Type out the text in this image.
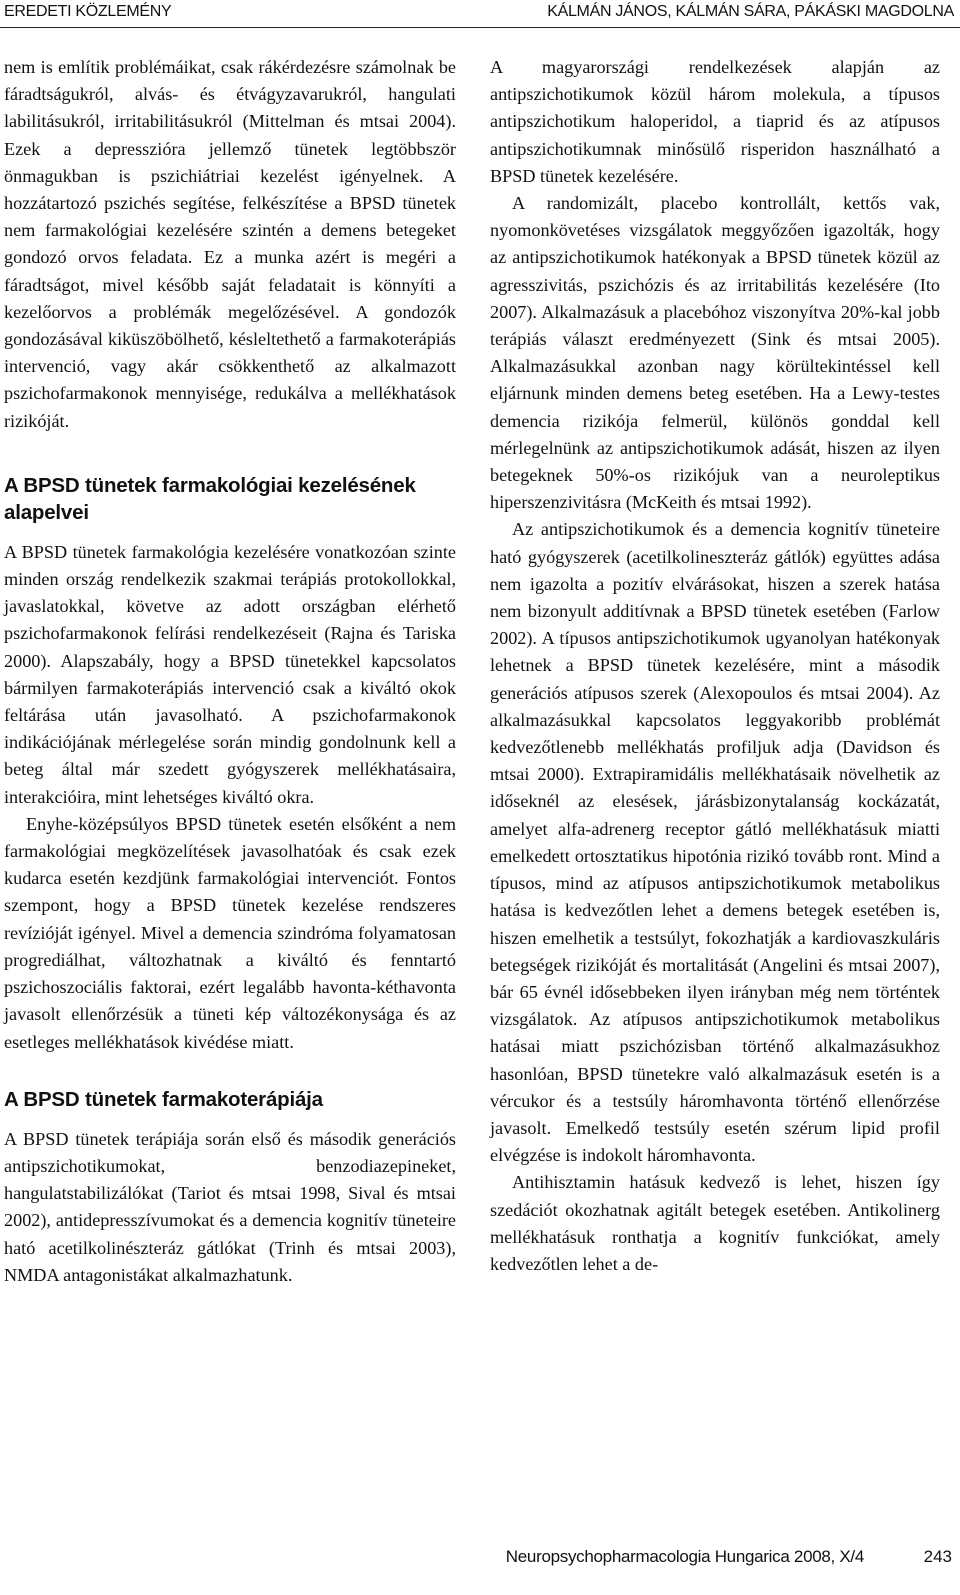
EREDETI KÖZLEMÉNY	KÁLMÁN JÁNOS, KÁLMÁN SÁRA, PÁKÁSKI MAGDOLNA

nem is említik problémáikat, csak rákérdezésre számolnak be fáradtságukról, alvás- és étvágyzavarukról, hangulati labilitásukról, irritabilitásukról (Mittelman és mtsai 2004). Ezek a depresszióra jellemző tünetek legtöbbször önmagukban is pszichiátriai kezelést igényelnek. A hozzátartozó pszichés segítése, felkészítése a BPSD tünetek nem farmakológiai kezelésére szintén a demens betegeket gondozó orvos feladata. Ez a munka azért is megéri a fáradtságot, mivel később saját feladatait is könnyíti a kezelőorvos a problémák megelőzésével. A gondozók gondozásával kiküszöbölhető, késleltethető a farmakoterápiás intervenció, vagy akár csökkenthető az alkalmazott pszichofarmakonok mennyisége, redukálva a mellékhatások rizikóját.

A BPSD tünetek farmakológiai kezelésének alapelvei

A BPSD tünetek farmakológia kezelésére vonatkozóan szinte minden ország rendelkezik szakmai terápiás protokollokkal, javaslatokkal, követve az adott országban elérhető pszichofarmakonok felírási rendelkezéseit (Rajna és Tariska 2000). Alapszabály, hogy a BPSD tünetekkel kapcsolatos bármilyen farmakoterápiás intervenció csak a kiváltó okok feltárása után javasolható. A pszichofarmakonok indikációjának mérlegelése során mindig gondolnunk kell a beteg által már szedett gyógyszerek mellékhatásaira, interakcióira, mint lehetséges kiváltó okra.

Enyhe-középsúlyos BPSD tünetek esetén elsőként a nem farmakológiai megközelítések javasolhatóak és csak ezek kudarca esetén kezdjünk farmakológiai intervenciót. Fontos szempont, hogy a BPSD tünetek kezelése rendszeres revízióját igényel. Mivel a demencia szindróma folyamatosan progrediálhat, változhatnak a kiváltó és fenntartó pszichoszociális faktorai, ezért legalább havonta-kéthavonta javasolt ellenőrzésük a tüneti kép változékonysága és az esetleges mellékhatások kivédése miatt.

A BPSD tünetek farmakoterápiája

A BPSD tünetek terápiája során első és második generációs antipszichotikumokat, benzodiazepineket, hangulatstabilizálókat (Tariot és mtsai 1998, Sival és mtsai 2002), antidepresszívumokat és a demencia kognitív tüneteire ható acetilkolinészteráz gátlókat (Trinh és mtsai 2003), NMDA antagonistákat alkalmazhatunk.

A magyarországi rendelkezések alapján az antipszichotikumok közül három molekula, a típusos antipszichotikum haloperidol, a tiaprid és az atípusos antipszichotikumnak minősülő risperidon használható a BPSD tünetek kezelésére.

A randomizált, placebo kontrollált, kettős vak, nyomonkövetéses vizsgálatok meggyőzően igazolták, hogy az antipszichotikumok hatékonyak a BPSD tünetek közül az agresszivitás, pszichózis és az irritabilitás kezelésére (Ito 2007). Alkalmazásuk a placebóhoz viszonyítva 20%-kal jobb terápiás választ eredményezett (Sink és mtsai 2005). Alkalmazásukkal azonban nagy körültekintéssel kell eljárnunk minden demens beteg esetében. Ha a Lewy-testes demencia rizikója felmerül, különös gonddal kell mérlegelnünk az antipszichotikumok adását, hiszen az ilyen betegeknek 50%-os rizikójuk van a neuroleptikus hiperszenzivitásra (McKeith és mtsai 1992).

Az antipszichotikumok és a demencia kognitív tüneteire ható gyógyszerek (acetilkolineszteráz gátlók) együttes adása nem igazolta a pozitív elvárásokat, hiszen a szerek hatása nem bizonyult additívnak a BPSD tünetek esetében (Farlow 2002). A típusos antipszichotikumok ugyanolyan hatékonyak lehetnek a BPSD tünetek kezelésére, mint a második generációs atípusos szerek (Alexopoulos és mtsai 2004). Az alkalmazásukkal kapcsolatos leggyakoribb problémát kedvezőtlenebb mellékhatás profiljuk adja (Davidson és mtsai 2000). Extrapiramidális mellékhatásaik növelhetik az időseknél az elesések, járásbizonytalanság kockázatát, amelyet alfa-adrenerg receptor gátló mellékhatásuk miatti emelkedett ortosztatikus hipotónia rizikó tovább ront. Mind a típusos, mind az atípusos antipszichotikumok metabolikus hatása is kedvezőtlen lehet a demens betegek esetében is, hiszen emelhetik a testsúlyt, fokozhatják a kardiovaszkuláris betegségek rizikóját és mortalitását (Angelini és mtsai 2007), bár 65 évnél idősebbeken ilyen irányban még nem történtek vizsgálatok. Az atípusos antipszichotikumok metabolikus hatásai miatt pszichózisban történő alkalmazásukhoz hasonlóan, BPSD tünetekre való alkalmazásuk esetén is a vércukor és a testsúly háromhavonta történő ellenőrzése javasolt. Emelkedő testsúly esetén szérum lipid profil elvégzése is indokolt háromhavonta.

Antihisztamin hatásuk kedvező is lehet, hiszen így szedációt okozhatnak agitált betegek esetében. Antikolinerg mellékhatásuk ronthatja a kognitív funkciókat, amely kedvezőtlen lehet a de-

Neuropsychopharmacologia Hungarica 2008, X/4	243
